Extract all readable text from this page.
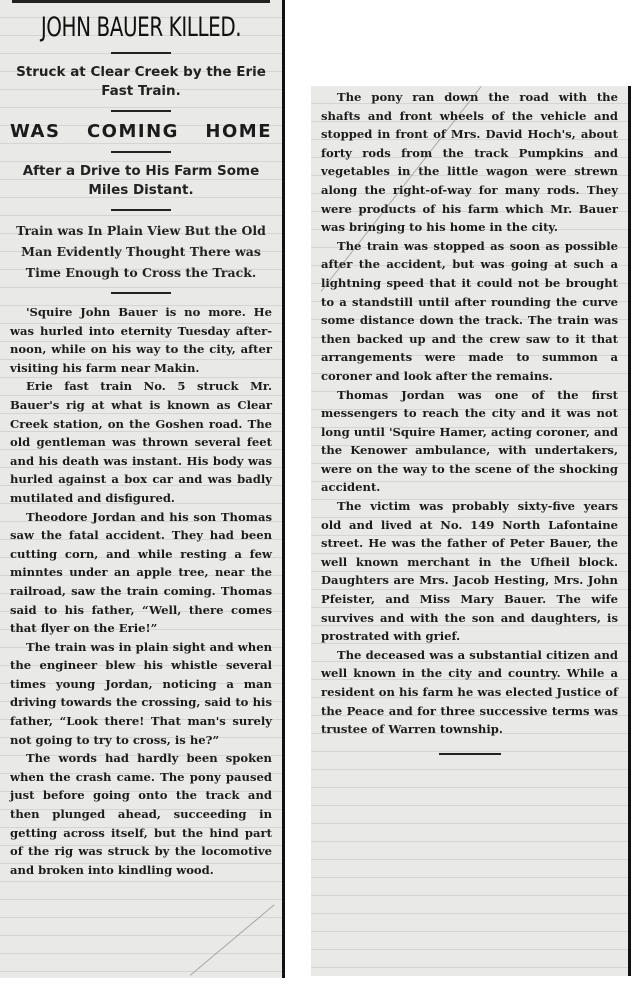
JOHN BAUER KILLED.
Struck at Clear Creek by the Erie Fast Train.
WAS COMING HOME
After a Drive to His Farm Some Miles Distant.
Train was In Plain View But the Old Man Evidently Thought There was Time Enough to Cross the Track.

'Squire John Bauer is no more. He was hurled into eternity Tuesday afternoon, while on his way to the city, after visiting his farm near Makin.

Erie fast train No. 5 struck Mr. Bauer's rig at what is known as Clear Creek station, on the Goshen road. The old gentleman was thrown several feet and his death was instant. His body was hurled against a box car and was badly mutilated and disfigured.

Theodore Jordan and his son Thomas saw the fatal accident. They had been cutting corn, and while resting a few minntes under an apple tree, near the railroad, saw the train coming. Thomas said to his father, “Well, there comes that flyer on the Erie!”

The train was in plain sight and when the engineer blew his whistle several times young Jordan, noticing a man driving towards the crossing, said to his father, “Look there! That man's surely not going to try to cross, is he?”

The words had hardly been spoken when the crash came. The pony paused just before going onto the track and then plunged ahead, succeeding in getting across itself, but the hind part of the rig was struck by the locomotive and broken into kindling wood.

The pony ran down the road with the shafts and front wheels of the vehicle and stopped in front of Mrs. David Hoch's, about forty rods from the track Pumpkins and vegetables in the little wagon were strewn along the right-of-way for many rods. They were products of his farm which Mr. Bauer was bringing to his home in the city.

The train was stopped as soon as possible after the accident, but was going at such a lightning speed that it could not be brought to a standstill until after rounding the curve some distance down the track. The train was then backed up and the crew saw to it that arrangements were made to summon a coroner and look after the remains.

Thomas Jordan was one of the first messengers to reach the city and it was not long until 'Squire Hamer, acting coroner, and the Kenower ambulance, with undertakers, were on the way to the scene of the shocking accident.

The victim was probably sixty-five years old and lived at No. 149 North Lafontaine street. He was the father of Peter Bauer, the well known merchant in the Ufheil block. Daughters are Mrs. Jacob Hesting, Mrs. John Pfeister, and Miss Mary Bauer. The wife survives and with the son and daughters, is prostrated with grief.

The deceased was a substantial citizen and well known in the city and country. While a resident on his farm he was elected Justice of the Peace and for three successive terms was trustee of Warren township.
